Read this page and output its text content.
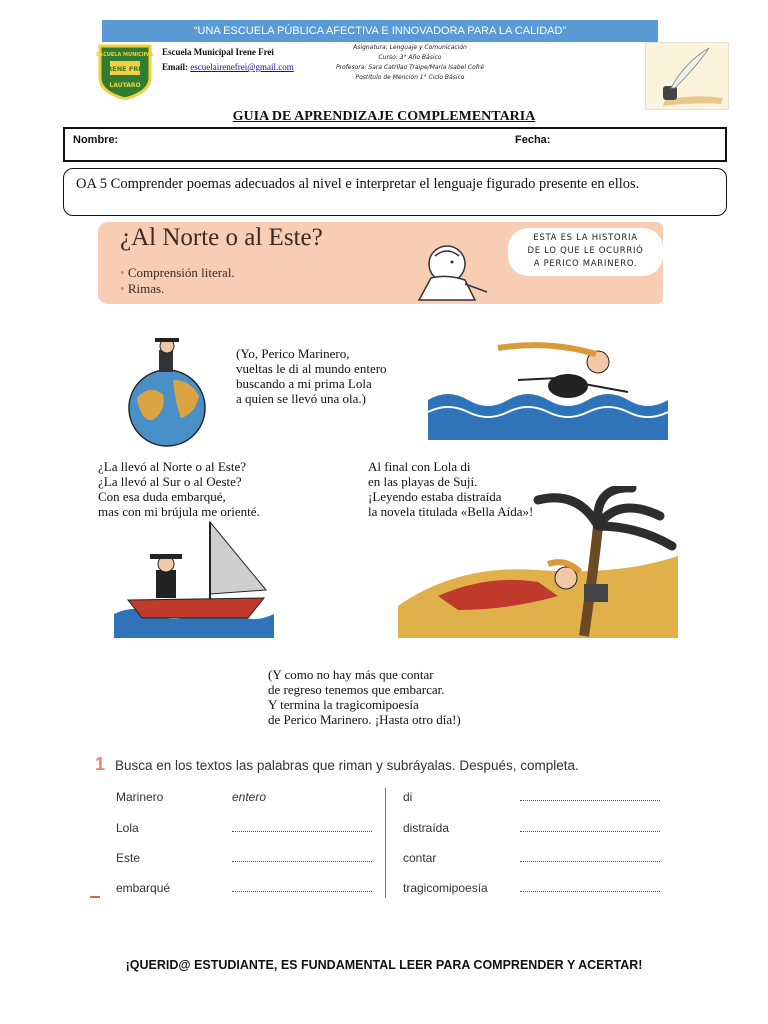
“UNA ESCUELA PÚBLICA AFECTIVA E INNOVADORA PARA LA CALIDAD”
ESCUELA MUNICIPAL
IRENE FREI
LAUTARO
Escuela Municipal Irene Frei
Email: escuelairenefrei@gmail.com
Asignatura: Lenguaje y Comunicación
Curso: 3° Año Básico
Profesora: Sara Catrilao Traipe/María Isabel Cofré
Postítulo de Mención 1° Ciclo Básico
GUIA DE APRENDIZAJE COMPLEMENTARIA
Nombre:	Fecha:
OA 5 Comprender poemas adecuados al nivel e interpretar el lenguaje figurado presente en ellos.
¿Al Norte o al Este?
• Comprensión literal.
• Rimas.
ESTA ES LA HISTORIA
DE LO QUE LE OCURRIÓ
A PERICO MARINERO.
(Yo, Perico Marinero,
vueltas le di al mundo entero
buscando a mi prima Lola
a quien se llevó una ola.)
¿La llevó al Norte o al Este?
¿La llevó al Sur o al Oeste?
Con esa duda embarqué,
mas con mi brújula me orienté.
Al final con Lola di
en las playas de Sují.
¡Leyendo estaba distraída
la novela titulada «Bella Aída»!
(Y como no hay más que contar
de regreso tenemos que embarcar.
Y termina la tragicomipoesía
de Perico Marinero. ¡Hasta otro día!)
1 Busca en los textos las palabras que riman y subráyalas. Después, completa.
Marinero	entero
Lola
Este
embarqué
di
distraída
contar
tragicomipoesía
¡QUERID@ ESTUDIANTE, ES FUNDAMENTAL LEER PARA COMPRENDER Y ACERTAR!
